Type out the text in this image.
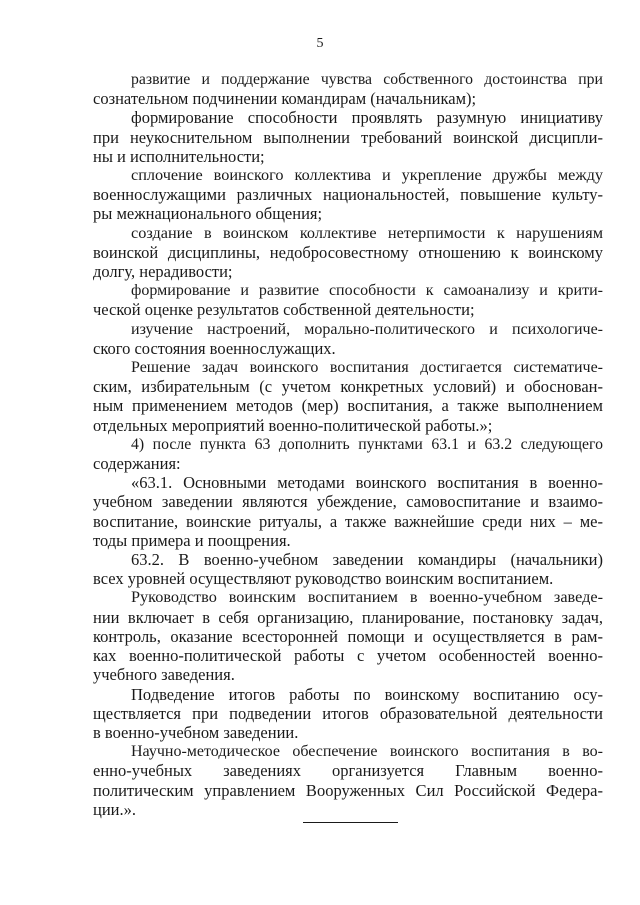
5
развитие и поддержание чувства собственного достоинства при
сознательном подчинении командирам (начальникам);
формирование способности проявлять разумную инициативу
при неукоснительном выполнении требований воинской дисципли-
ны и исполнительности;
сплочение воинского коллектива и укрепление дружбы между
военнослужащими различных национальностей, повышение культу-
ры межнационального общения;
создание в воинском коллективе нетерпимости к нарушениям
воинской дисциплины, недобросовестному отношению к воинскому
долгу, нерадивости;
формирование и развитие способности к самоанализу и крити-
ческой оценке результатов собственной деятельности;
изучение настроений, морально-политического и психологиче-
ского состояния военнослужащих.
Решение задач воинского воспитания достигается систематиче-
ским, избирательным (с учетом конкретных условий) и обоснован-
ным применением методов (мер) воспитания, а также выполнением
отдельных мероприятий военно-политической работы.»;
4) после пункта 63 дополнить пунктами 63.1 и 63.2 следующего
содержания:
«63.1. Основными методами воинского воспитания в военно-
учебном заведении являются убеждение, самовоспитание и взаимо-
воспитание, воинские ритуалы, а также важнейшие среди них – ме-
тоды примера и поощрения.
63.2. В военно-учебном заведении командиры (начальники)
всех уровней осуществляют руководство воинским воспитанием.
Руководство воинским воспитанием в военно-учебном заведе-
нии включает в себя организацию, планирование, постановку задач,
контроль, оказание всесторонней помощи и осуществляется в рам-
ках военно-политической работы с учетом особенностей военно-
учебного заведения.
Подведение итогов работы по воинскому воспитанию осу-
ществляется при подведении итогов образовательной деятельности
в военно-учебном заведении.
Научно-методическое обеспечение воинского воспитания в во-
енно-учебных заведениях организуется Главным военно-
политическим управлением Вооруженных Сил Российской Федера-
ции.».
